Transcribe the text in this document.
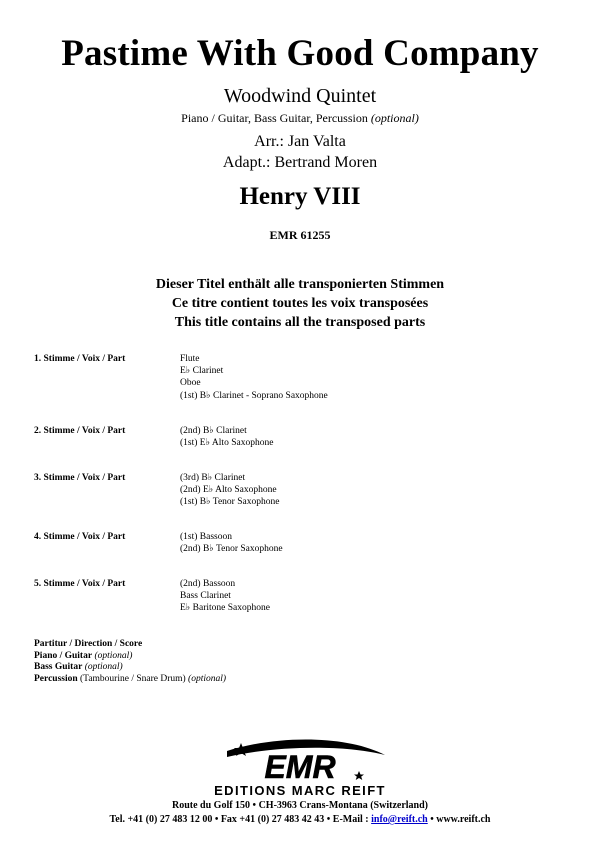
Pastime With Good Company
Woodwind Quintet
Piano / Guitar, Bass Guitar, Percussion (optional)
Arr.: Jan Valta
Adapt.: Bertrand Moren
Henry VIII
EMR 61255
Dieser Titel enthält alle transponierten Stimmen
Ce titre contient toutes les voix transposées
This title contains all the transposed parts
1. Stimme / Voix / Part	Flute
E♭ Clarinet
Oboe
(1st) B♭ Clarinet - Soprano Saxophone
2. Stimme / Voix / Part	(2nd) B♭ Clarinet
(1st) E♭ Alto Saxophone
3. Stimme / Voix / Part	(3rd) B♭ Clarinet
(2nd) E♭ Alto Saxophone
(1st) B♭ Tenor Saxophone
4. Stimme / Voix / Part	(1st) Bassoon
(2nd) B♭ Tenor Saxophone
5. Stimme / Voix / Part	(2nd) Bassoon
Bass Clarinet
E♭ Baritone Saxophone
Partitur / Direction / Score
Piano / Guitar (optional)
Bass Guitar (optional)
Percussion (Tambourine / Snare Drum) (optional)
EMR
EDITIONS MARC REIFT
Route du Golf 150 • CH-3963 Crans-Montana (Switzerland)
Tel. +41 (0) 27 483 12 00 • Fax +41 (0) 27 483 42 43 • E-Mail : info@reift.ch • www.reift.ch
